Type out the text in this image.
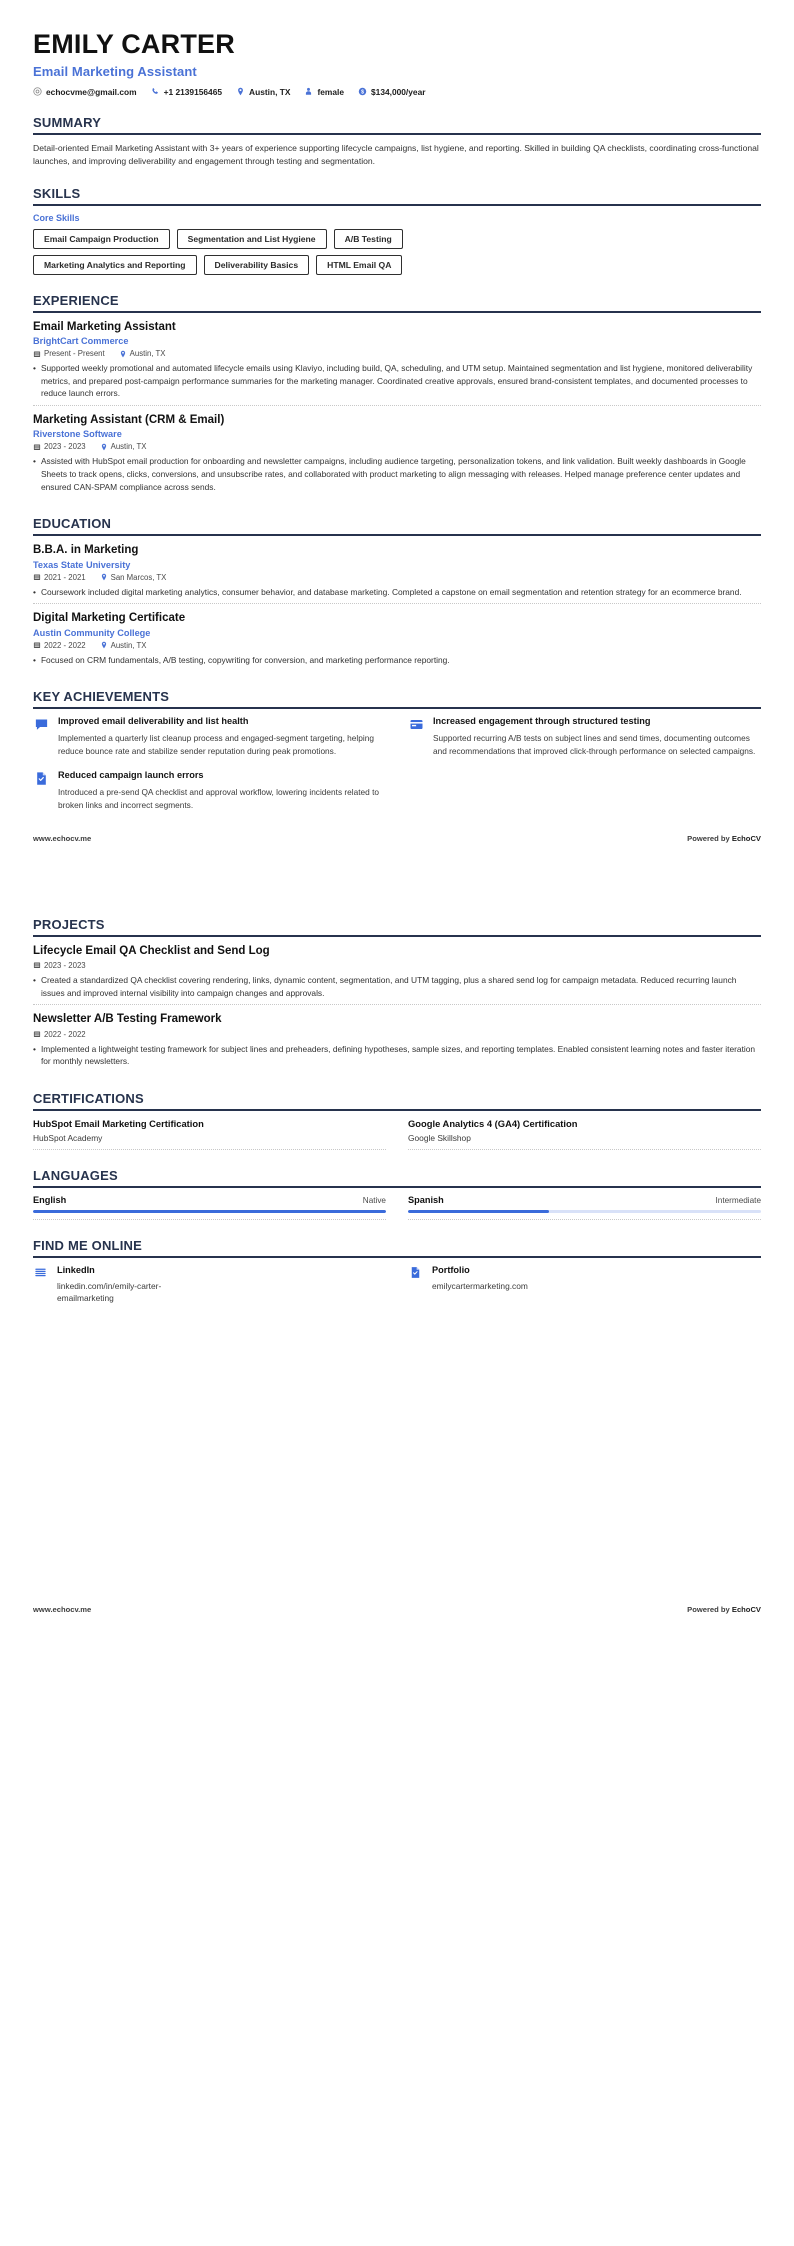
EMILY CARTER
Email Marketing Assistant
echocvme@gmail.com	+1 2139156465	Austin, TX	female $ $134,000/year
SUMMARY
Detail-oriented Email Marketing Assistant with 3+ years of experience supporting lifecycle campaigns, list hygiene, and reporting. Skilled in building QA checklists, coordinating cross-functional launches, and improving deliverability and engagement through testing and segmentation.
SKILLS
Core Skills
Email Campaign Production	Segmentation and List Hygiene	A/B Testing
Marketing Analytics and Reporting	Deliverability Basics	HTML Email QA
EXPERIENCE
Email Marketing Assistant
BrightCart Commerce
Present - Present	Austin, TX
• Supported weekly promotional and automated lifecycle emails using Klaviyo, including build, QA, scheduling, and UTM setup. Maintained segmentation and list hygiene, monitored deliverability metrics, and prepared post-campaign performance summaries for the marketing manager. Coordinated creative approvals, ensured brand-consistent templates, and documented processes to reduce launch errors.
Marketing Assistant (CRM & Email)
Riverstone Software
2023 - 2023	Austin, TX
• Assisted with HubSpot email production for onboarding and newsletter campaigns, including audience targeting, personalization tokens, and link validation. Built weekly dashboards in Google Sheets to track opens, clicks, conversions, and unsubscribe rates, and collaborated with product marketing to align messaging with releases. Helped manage preference center updates and ensured CAN-SPAM compliance across sends.
EDUCATION
B.B.A. in Marketing
Texas State University
2021 - 2021	San Marcos, TX
• Coursework included digital marketing analytics, consumer behavior, and database marketing. Completed a capstone on email segmentation and retention strategy for an ecommerce brand.
Digital Marketing Certificate
Austin Community College
2022 - 2022	Austin, TX
• Focused on CRM fundamentals, A/B testing, copywriting for conversion, and marketing performance reporting.
KEY ACHIEVEMENTS
Improved email deliverability and list health
Implemented a quarterly list cleanup process and engaged-segment targeting, helping reduce bounce rate and stabilize sender reputation during peak promotions.
Increased engagement through structured testing
Supported recurring A/B tests on subject lines and send times, documenting outcomes and recommendations that improved click-through performance on selected campaigns.
Reduced campaign launch errors
Introduced a pre-send QA checklist and approval workflow, lowering incidents related to broken links and incorrect segments.
www.echocv.me	Powered by EchoCV
PROJECTS
Lifecycle Email QA Checklist and Send Log
2023 - 2023
• Created a standardized QA checklist covering rendering, links, dynamic content, segmentation, and UTM tagging, plus a shared send log for campaign metadata. Reduced recurring launch issues and improved internal visibility into campaign changes and approvals.
Newsletter A/B Testing Framework
2022 - 2022
• Implemented a lightweight testing framework for subject lines and preheaders, defining hypotheses, sample sizes, and reporting templates. Enabled consistent learning notes and faster iteration for monthly newsletters.
CERTIFICATIONS
HubSpot Email Marketing Certification
HubSpot Academy
Google Analytics 4 (GA4) Certification
Google Skillshop
LANGUAGES
English	Native Spanish	Intermediate
FIND ME ONLINE
LinkedIn
linkedin.com/in/emily-carter-emailmarketing
Portfolio
emilycartermarketing.com
www.echocv.me	Powered by EchoCV
